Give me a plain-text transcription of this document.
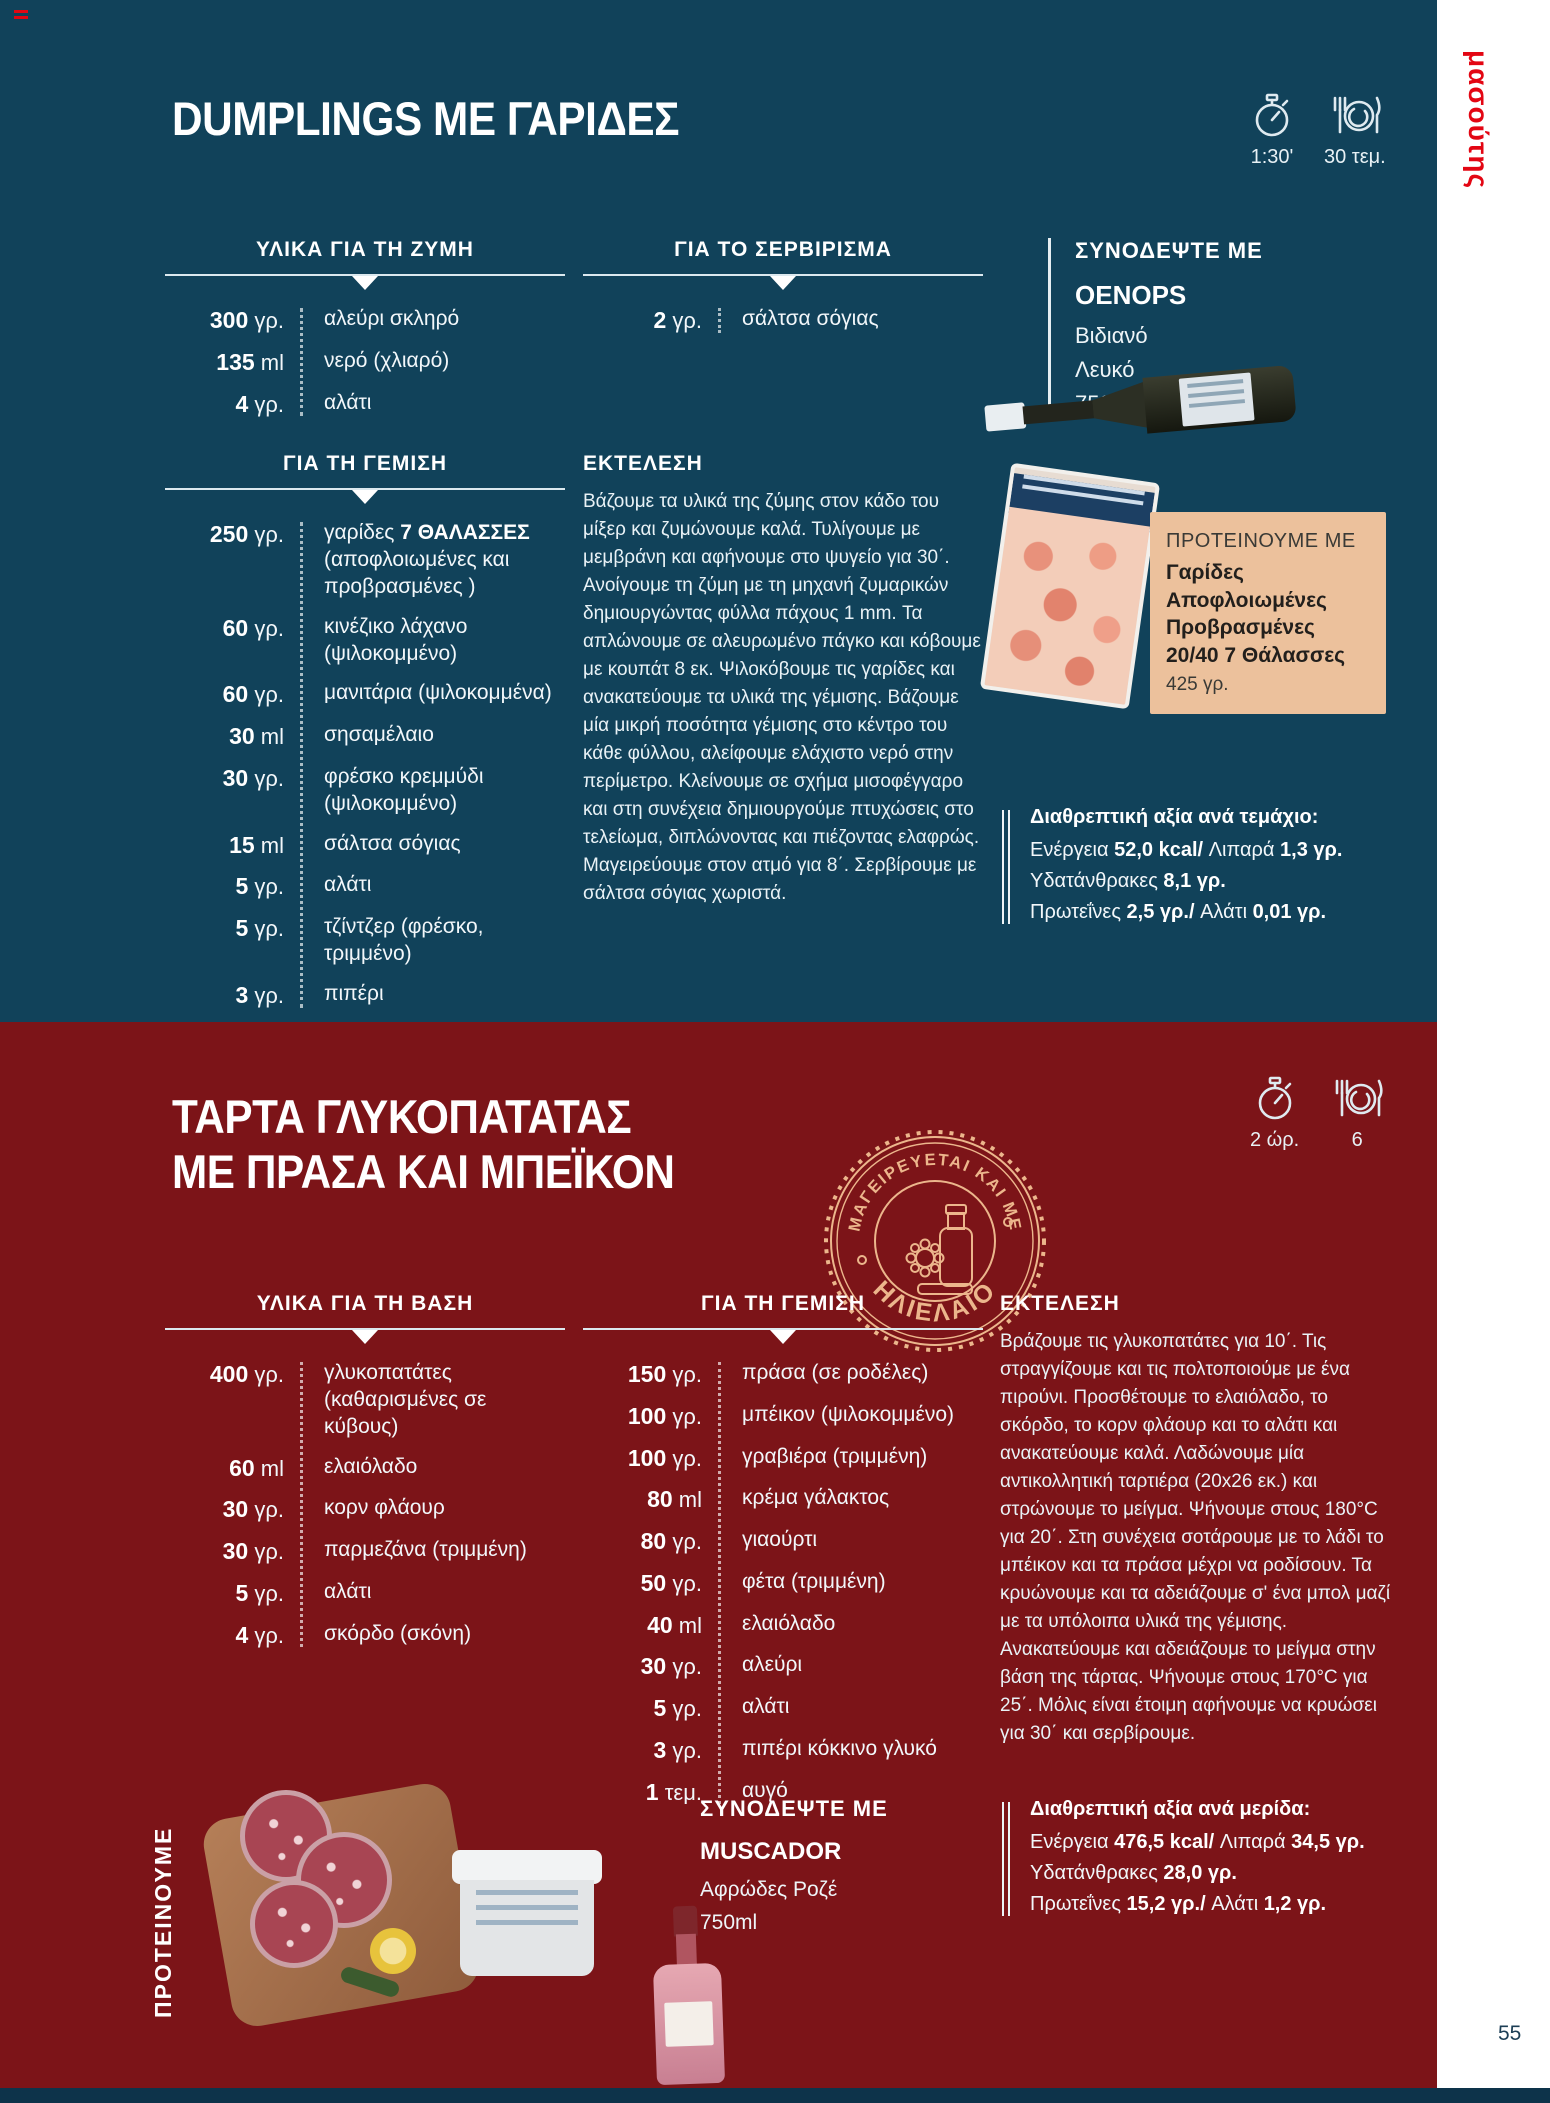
μασούτης
55
DUMPLINGS ΜΕ ΓΑΡΙΔΕΣ
1:30' 30 τεμ.
ΥΛΙΚΑ ΓΙΑ ΤΗ ΖΥΜΗ
300 γρ.	αλεύρι σκληρό
135 ml	νερό (χλιαρό)
4 γρ.	αλάτι
ΓΙΑ ΤΟ ΣΕΡΒΙΡΙΣΜΑ
2 γρ.	σάλτσα σόγιας
ΣΥΝΟΔΕΨΤΕ ΜΕ
OENOPS
Βιδιανό
Λευκό
ΓΙΑ ΤΗ ΓΕΜΙΣΗ
250 γρ.	γαρίδες 7 ΘΑΛΑΣΣΕΣ (αποφλοιωμένες και προβρασμένες )
60 γρ.	κινέζικο λάχανο (ψιλοκομμένο)
60 γρ.	μανιτάρια (ψιλοκομμένα)
30 ml	σησαμέλαιο
30 γρ.	φρέσκο κρεμμύδι (ψιλοκομμένο)
15 ml	σάλτσα σόγιας
5 γρ.	αλάτι
5 γρ.	τζίντζερ (φρέσκο, τριμμένο)
3 γρ.	πιπέρι
ΕΚΤΕΛΕΣΗ
Βάζουμε τα υλικά της ζύμης στον κάδο του μίξερ και ζυμώνουμε καλά. Τυλίγουμε με μεμβράνη και αφήνουμε στο ψυγείο για 30΄. Ανοίγουμε τη ζύμη με τη μηχανή ζυμαρικών δημιουργώντας φύλλα πάχους 1 mm. Τα απλώνουμε σε αλευρωμένο πάγκο και κόβουμε με κουπάτ 8 εκ. Ψιλοκόβουμε τις γαρίδες και ανακατεύουμε τα υλικά της γέμισης. Βάζουμε μία μικρή ποσότητα γέμισης στο κέντρο του κάθε φύλλου, αλείφουμε ελάχιστο νερό στην περίμετρο. Κλείνουμε σε σχήμα μισοφέγγαρο και στη συνέχεια δημιουργούμε πτυχώσεις στο τελείωμα, διπλώνοντας και πιέζοντας ελαφρώς. Μαγειρεύουμε στον ατμό για 8΄. Σερβίρουμε με σάλτσα σόγιας χωριστά.
ΠΡΟΤΕΙΝΟΥΜΕ ΜΕ
Γαρίδες Αποφλοιωμένες Προβρασμένες 20/40 7 Θάλασσες
425 γρ.
Διαθρεπτική αξία ανά τεμάχιο:
Ενέργεια 52,0 kcal/ Λιπαρά 1,3 γρ.
Υδατάνθρακες 8,1 γρ.
Πρωτεΐνες 2,5 γρ./ Αλάτι 0,01 γρ.
ΤΑΡΤΑ ΓΛΥΚΟΠΑΤΑΤΑΣ
ΜΕ ΠΡΑΣΑ ΚΑΙ ΜΠΕΪΚΟΝ
2 ώρ.	6
ΜΑΓΕΙΡΕΥΕΤΑΙ ΚΑΙ ΜΕ
ΗΛΙΕΛΑΙΟ
ΥΛΙΚΑ ΓΙΑ ΤΗ ΒΑΣΗ
400 γρ.	γλυκοπατάτες (καθαρισμένες σε κύβους)
60 ml	ελαιόλαδο
30 γρ.	κορν φλάουρ
30 γρ.	παρμεζάνα (τριμμένη)
5 γρ.	αλάτι
4 γρ.	σκόρδο (σκόνη)
ΓΙΑ ΤΗ ΓΕΜΙΣΗ
150 γρ.	πράσα (σε ροδέλες)
100 γρ.	μπέικον (ψιλοκομμένο)
100 γρ.	γραβιέρα (τριμμένη)
80 ml	κρέμα γάλακτος
80 γρ.	γιαούρτι
50 γρ.	φέτα (τριμμένη)
40 ml	ελαιόλαδο
30 γρ.	αλεύρι
5 γρ.	αλάτι
3 γρ.	πιπέρι κόκκινο γλυκό
1 τεμ.	αυγό
ΕΚΤΕΛΕΣΗ
Βράζουμε τις γλυκοπατάτες για 10΄. Τις στραγγίζουμε και τις πολτοποιούμε με ένα πιρούνι. Προσθέτουμε το ελαιόλαδο, το σκόρδο, το κορν φλάουρ και το αλάτι και ανακατεύουμε καλά. Λαδώνουμε μία αντικολλητική ταρτιέρα (20x26 εκ.) και στρώνουμε το μείγμα. Ψήνουμε στους 180°C για 20΄. Στη συνέχεια σοτάρουμε με το λάδι το μπέικον και τα πράσα μέχρι να ροδίσουν. Τα κρυώνουμε και τα αδειάζουμε σ' ένα μπολ μαζί με τα υπόλοιπα υλικά της γέμισης. Ανακατεύουμε και αδειάζουμε το μείγμα στην βάση της τάρτας. Ψήνουμε στους 170°C για 25΄. Μόλις είναι έτοιμη αφήνουμε να κρυώσει για 30΄ και σερβίρουμε.
ΠΡΟΤΕΙΝΟΥΜΕ
ΣΥΝΟΔΕΨΤΕ ΜΕ
MUSCADOR
Αφρώδες Ροζέ
750ml
Διαθρεπτική αξία ανά μερίδα:
Ενέργεια 476,5 kcal/ Λιπαρά 34,5 γρ.
Υδατάνθρακες 28,0 γρ.
Πρωτεΐνες 15,2 γρ./ Αλάτι 1,2 γρ.
